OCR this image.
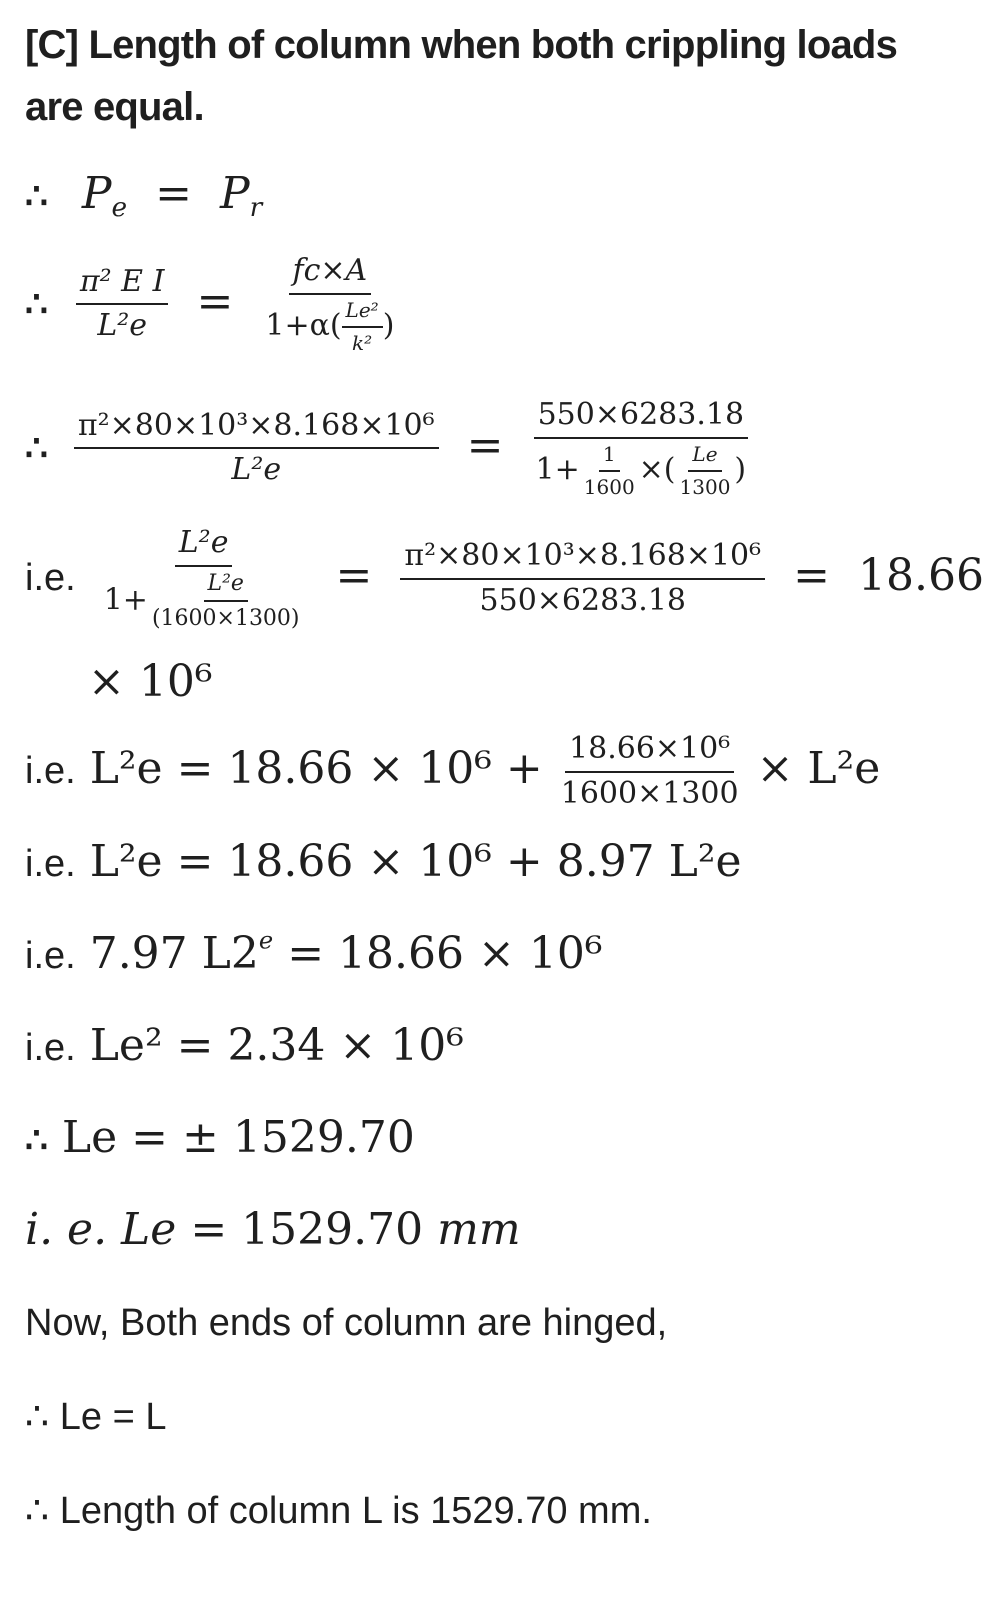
[C] Length of column when both crippling loads are equal.
∴ $P_e = P_r$
∴ $\frac{\text{π² E I}}{\text{L²e}} = \frac{fc\times A}{1+\alpha( \frac{\text{Le²}}{\text{k²}} )}$
∴ $\frac{\text{π²×80×10³×8.168×10⁶}}{\text{L²e}} = \frac{550\times 6283.18}{1+ \frac{1}{1600} \times( \frac{Le}{1300} )}$
i.e. $\frac{\text{L²e}}{1+ \frac{\text{L²e}}{(1600\times 1300)}} = \frac{\text{π²×80×10³×8.168×10⁶}}{550\times 6283.18} = 18.66$
× 10⁶
i.e. $L^2e = 18.66 \times 10^6 + \frac{\text{18.66×10⁶}}{1600\times 1300} \times L^2e$
i.e. L²e = 18.66 × 10⁶ + 8.97 L²e
i.e. 7.97 $L2^e = 18.66 \times 10^6$
i.e. Le² = 2.34 × 10⁶
∴ Le = ± 1529.70
i. e. Le = 1529.70 mm
Now, Both ends of column are hinged,
∴ Le = L
∴ Length of column L is 1529.70 mm.
